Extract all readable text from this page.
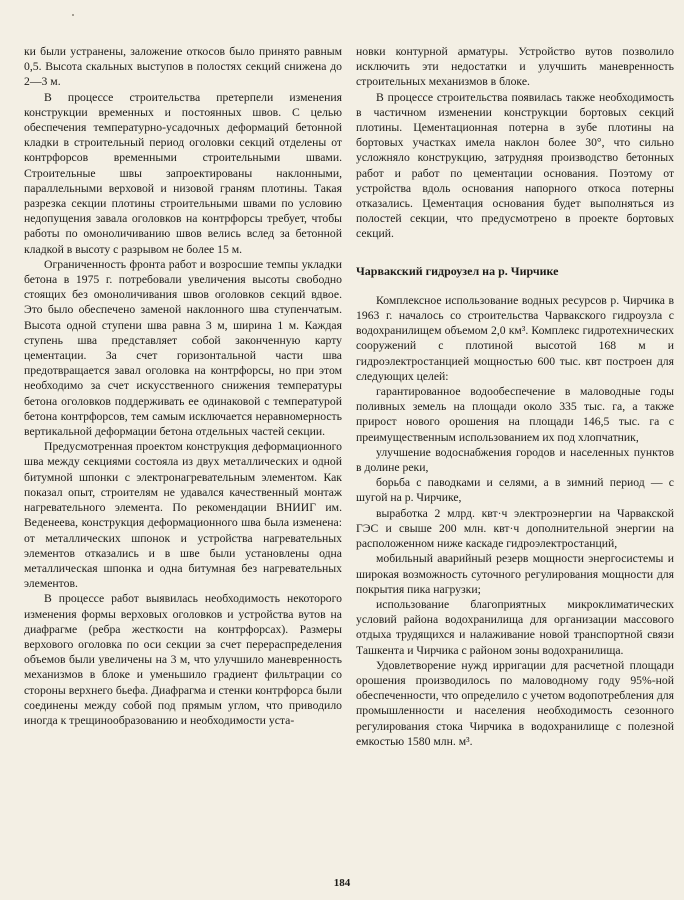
ки были устранены, заложение откосов было принято равным 0,5. Высота скальных выступов в полостях секций снижена до 2—3 м.

В процессе строительства претерпели изменения конструкции временных и постоянных швов. С целью обеспечения температурно-усадочных деформаций бетонной кладки в строительный период оголовки секций отделены от контрфорсов временными строительными швами. Строительные швы запроектированы наклонными, параллельными верховой и низовой граням плотины. Такая разрезка секции плотины строительными швами по условию недопущения завала оголовков на контрфорсы требует, чтобы работы по омоноличиванию швов велись вслед за бетонной кладкой в высоту с разрывом не более 15 м.

Ограниченность фронта работ и возросшие темпы укладки бетона в 1975 г. потребовали увеличения высоты свободно стоящих без омоноличивания швов оголовков секций вдвое. Это было обеспечено заменой наклонного шва ступенчатым. Высота одной ступени шва равна 3 м, ширина 1 м. Каждая ступень шва представляет собой законченную карту цементации. За счет горизонтальной части шва предотвращается завал оголовка на контрфорсы, но при этом необходимо за счет искусственного снижения температуры бетона оголовков поддерживать ее одинаковой с температурой бетона контрфорсов, тем самым исключается неравномерность вертикальной деформации бетона отдельных частей секции.

Предусмотренная проектом конструкция деформационного шва между секциями состояла из двух металлических и одной битумной шпонки с электронагревательным элементом. Как показал опыт, строителям не удавался качественный монтаж нагревательного элемента. По рекомендации ВНИИГ им. Веденеева, конструкция деформационного шва была изменена: от металлических шпонок и устройства нагревательных элементов отказались и в шве были установлены одна металлическая шпонка и одна битумная без нагревательных элементов.

В процессе работ выявилась необходимость некоторого изменения формы верховых оголовков и устройства вутов на диафрагме (ребра жесткости на контрфорсах). Размеры верхового оголовка по оси секции за счет перераспределения объемов были увеличены на 3 м, что улучшило маневренность механизмов в блоке и уменьшило градиент фильтрации со стороны верхнего бьефа. Диафрагма и стенки контрфорса были соединены между собой под прямым углом, что приводило иногда к трещинообразованию и необходимости уста-

новки контурной арматуры. Устройство вутов позволило исключить эти недостатки и улучшить маневренность строительных механизмов в блоке.

В процессе строительства появилась также необходимость в частичном изменении конструкции бортовых секций плотины. Цементационная потерна в зубе плотины на бортовых участках имела наклон более 30°, что сильно усложняло конструкцию, затрудняя производство бетонных работ и работ по цементации основания. Поэтому от устройства вдоль основания напорного откоса потерны отказались. Цементация основания будет выполняться из полостей секции, что предусмотрено в проекте бортовых секций.

Чарвакский гидроузел на р. Чирчике

Комплексное использование водных ресурсов р. Чирчика в 1963 г. началось со строительства Чарвакского гидроузла с водохранилищем объемом 2,0 км³. Комплекс гидротехнических сооружений с плотиной высотой 168 м и гидроэлектростанцией мощностью 600 тыс. квт построен для следующих целей:

гарантированное водообеспечение в маловодные годы поливных земель на площади около 335 тыс. га, а также прирост нового орошения на площади 146,5 тыс. га с преимущественным использованием их под хлопчатник,

улучшение водоснабжения городов и населенных пунктов в долине реки,

борьба с паводками и селями, а в зимний период — с шугой на р. Чирчике,

выработка 2 млрд. квт·ч электроэнергии на Чарвакской ГЭС и свыше 200 млн. квт·ч дополнительной энергии на расположенном ниже каскаде гидроэлектростанций,

мобильный аварийный резерв мощности энергосистемы и широкая возможность суточного регулирования мощности для покрытия пика нагрузки;

использование благоприятных микроклиматических условий района водохранилища для организации массового отдыха трудящихся и налаживание новой транспортной связи Ташкента и Чирчика с районом зоны водохранилища.

Удовлетворение нужд ирригации для расчетной площади орошения производилось по маловодному году 95%-ной обеспеченности, что определило с учетом водопотребления для промышленности и населения необходимость сезонного регулирования стока Чирчика в водохранилище с полезной емкостью 1580 млн. м³.

184
